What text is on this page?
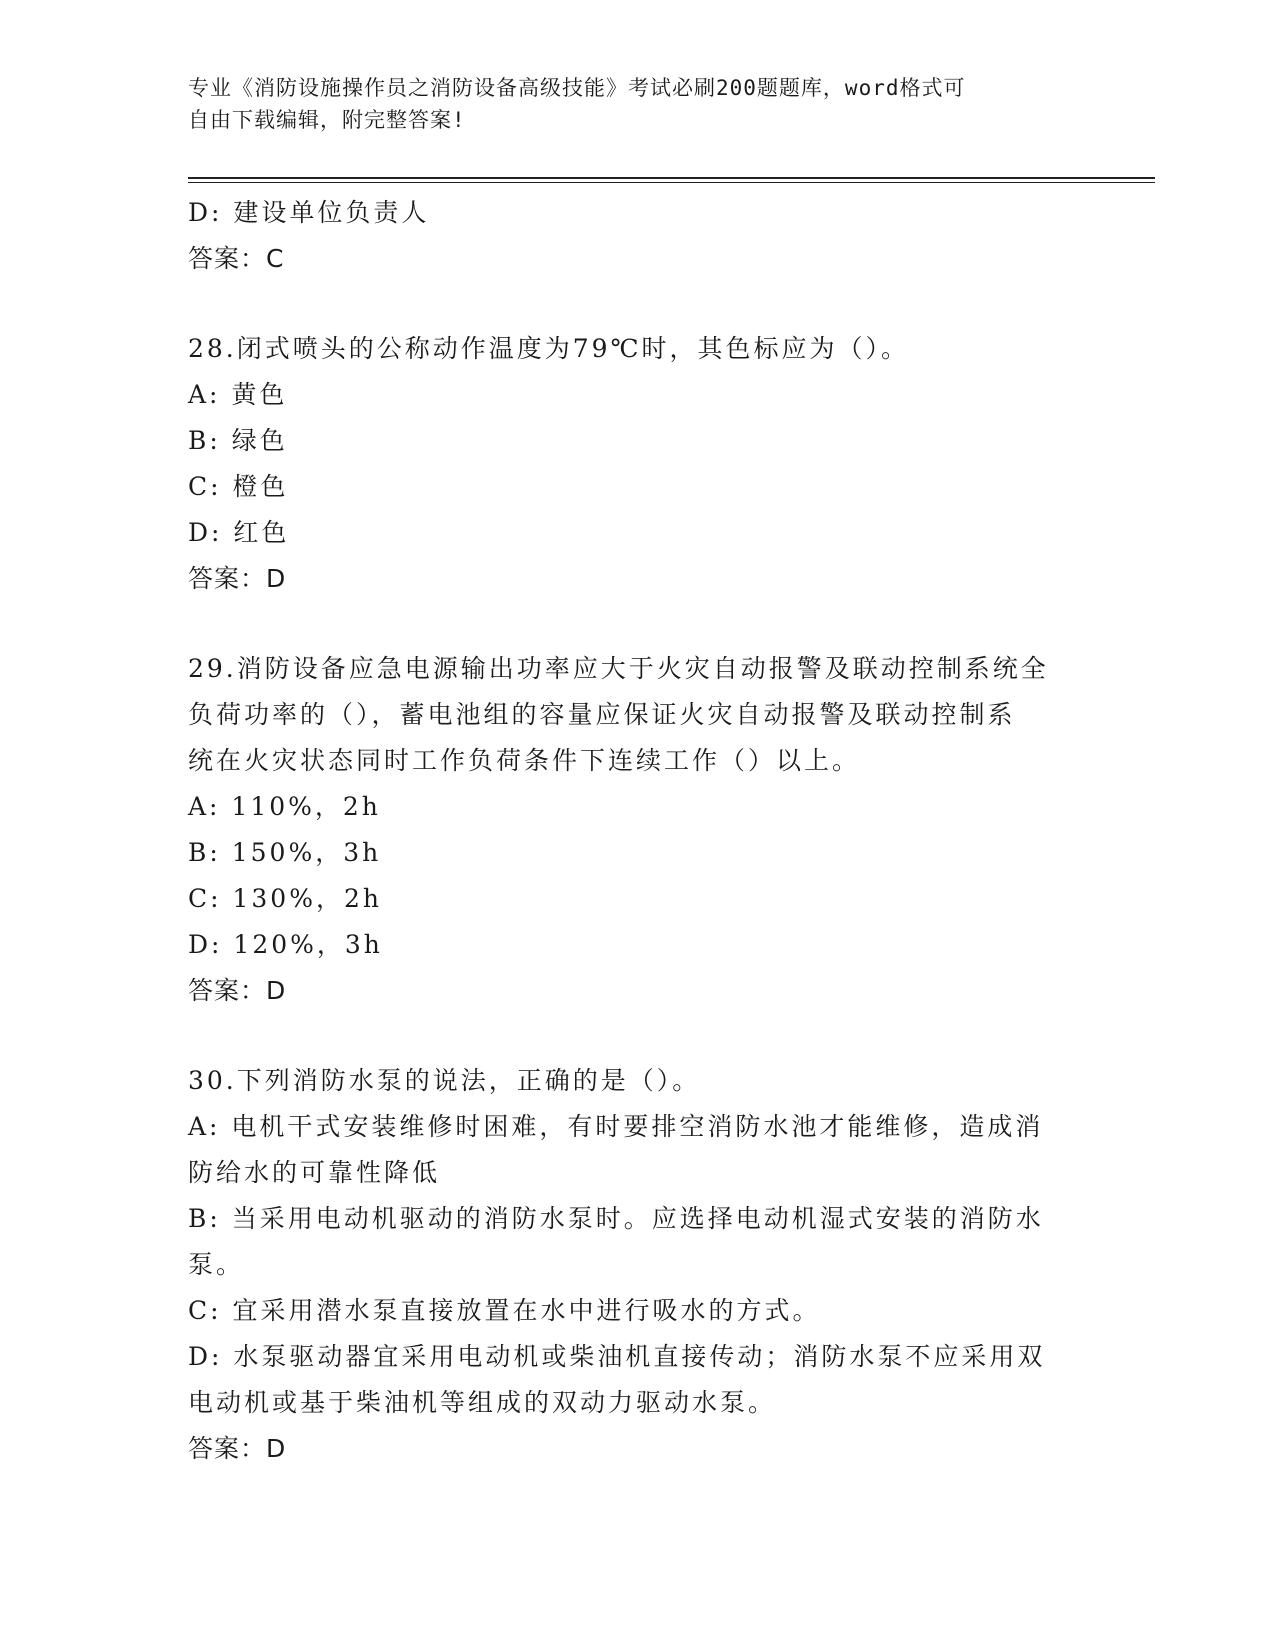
专业《消防设施操作员之消防设备高级技能》考试必刷200题题库，word格式可
自由下载编辑，附完整答案!
D: 建设单位负责人
答案：C
28.闭式喷头的公称动作温度为79℃时，其色标应为（）。
A: 黄色
B: 绿色
C: 橙色
D: 红色
答案：D
29.消防设备应急电源输出功率应大于火灾自动报警及联动控制系统全
负荷功率的（），蓄电池组的容量应保证火灾自动报警及联动控制系
统在火灾状态同时工作负荷条件下连续工作（）以上。
A: 110%，2h
B: 150%，3h
C: 130%，2h
D: 120%，3h
答案：D
30.下列消防水泵的说法，正确的是（）。
A: 电机干式安装维修时困难，有时要排空消防水池才能维修，造成消
防给水的可靠性降低
B: 当采用电动机驱动的消防水泵时。应选择电动机湿式安装的消防水
泵。
C: 宜采用潜水泵直接放置在水中进行吸水的方式。
D: 水泵驱动器宜采用电动机或柴油机直接传动；消防水泵不应采用双
电动机或基于柴油机等组成的双动力驱动水泵。
答案：D
